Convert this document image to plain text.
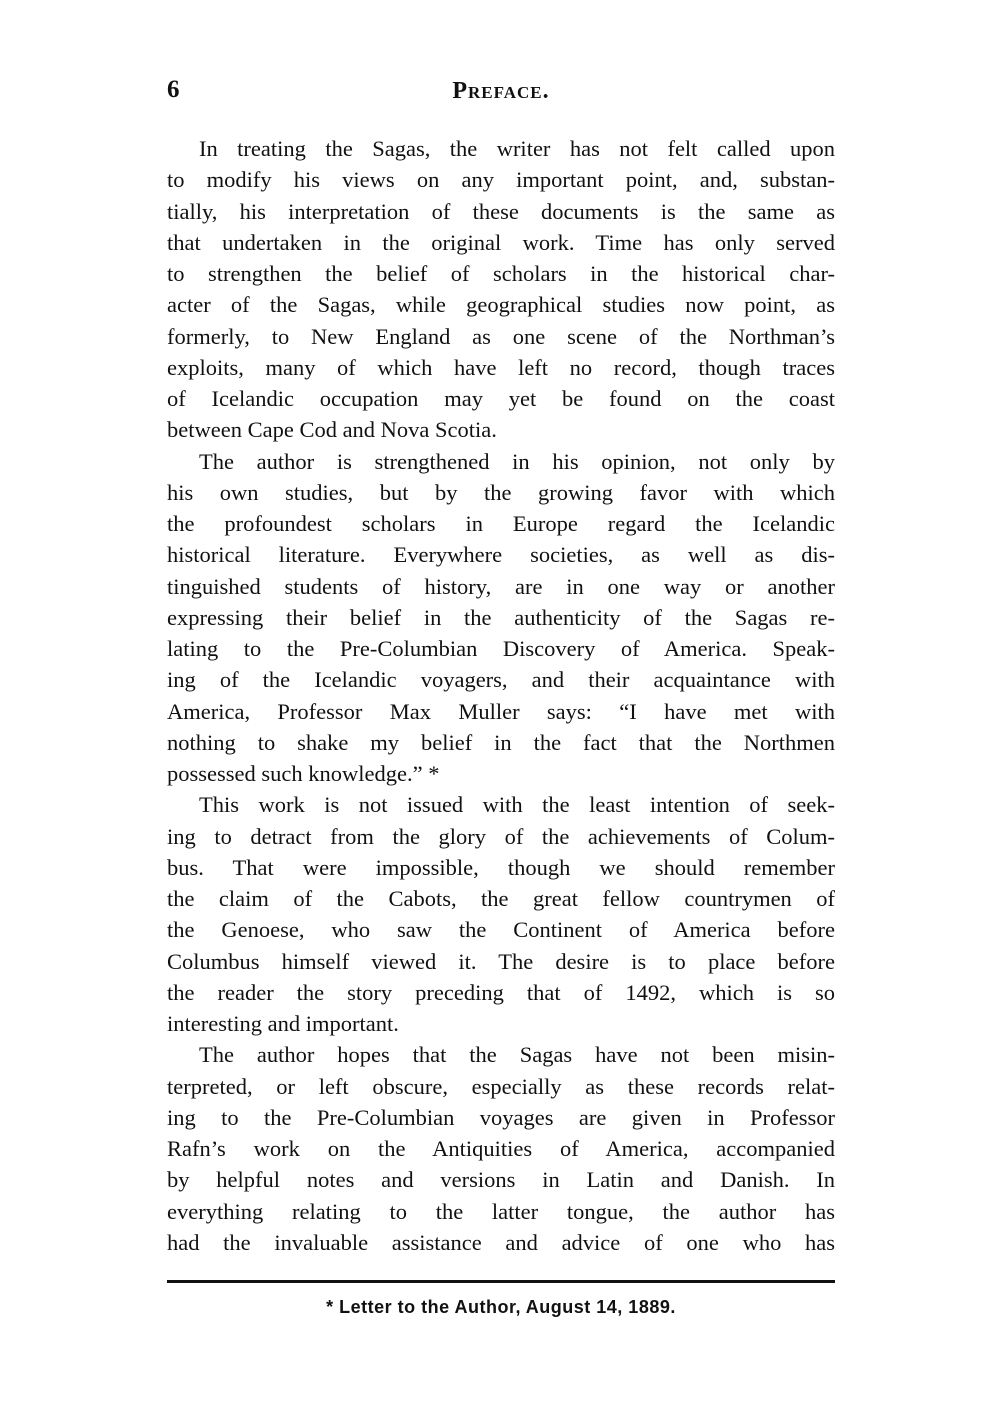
6	Preface.
In treating the Sagas, the writer has not felt called upon
to modify his views on any important point, and, substan-
tially, his interpretation of these documents is the same as
that undertaken in the original work. Time has only served
to strengthen the belief of scholars in the historical char-
acter of the Sagas, while geographical studies now point, as
formerly, to New England as one scene of the Northman’s
exploits, many of which have left no record, though traces
of Icelandic occupation may yet be found on the coast
between Cape Cod and Nova Scotia.
The author is strengthened in his opinion, not only by
his own studies, but by the growing favor with which
the profoundest scholars in Europe regard the Icelandic
historical literature. Everywhere societies, as well as dis-
tinguished students of history, are in one way or another
expressing their belief in the authenticity of the Sagas re-
lating to the Pre-Columbian Discovery of America. Speak-
ing of the Icelandic voyagers, and their acquaintance with
America, Professor Max Muller says: “I have met with
nothing to shake my belief in the fact that the Northmen
possessed such knowledge.” *
This work is not issued with the least intention of seek-
ing to detract from the glory of the achievements of Colum-
bus. That were impossible, though we should remember
the claim of the Cabots, the great fellow countrymen of
the Genoese, who saw the Continent of America before
Columbus himself viewed it. The desire is to place before
the reader the story preceding that of 1492, which is so
interesting and important.
The author hopes that the Sagas have not been misin-
terpreted, or left obscure, especially as these records relat-
ing to the Pre-Columbian voyages are given in Professor
Rafn’s work on the Antiquities of America, accompanied
by helpful notes and versions in Latin and Danish. In
everything relating to the latter tongue, the author has
had the invaluable assistance and advice of one who has
* Letter to the Author, August 14, 1889.
